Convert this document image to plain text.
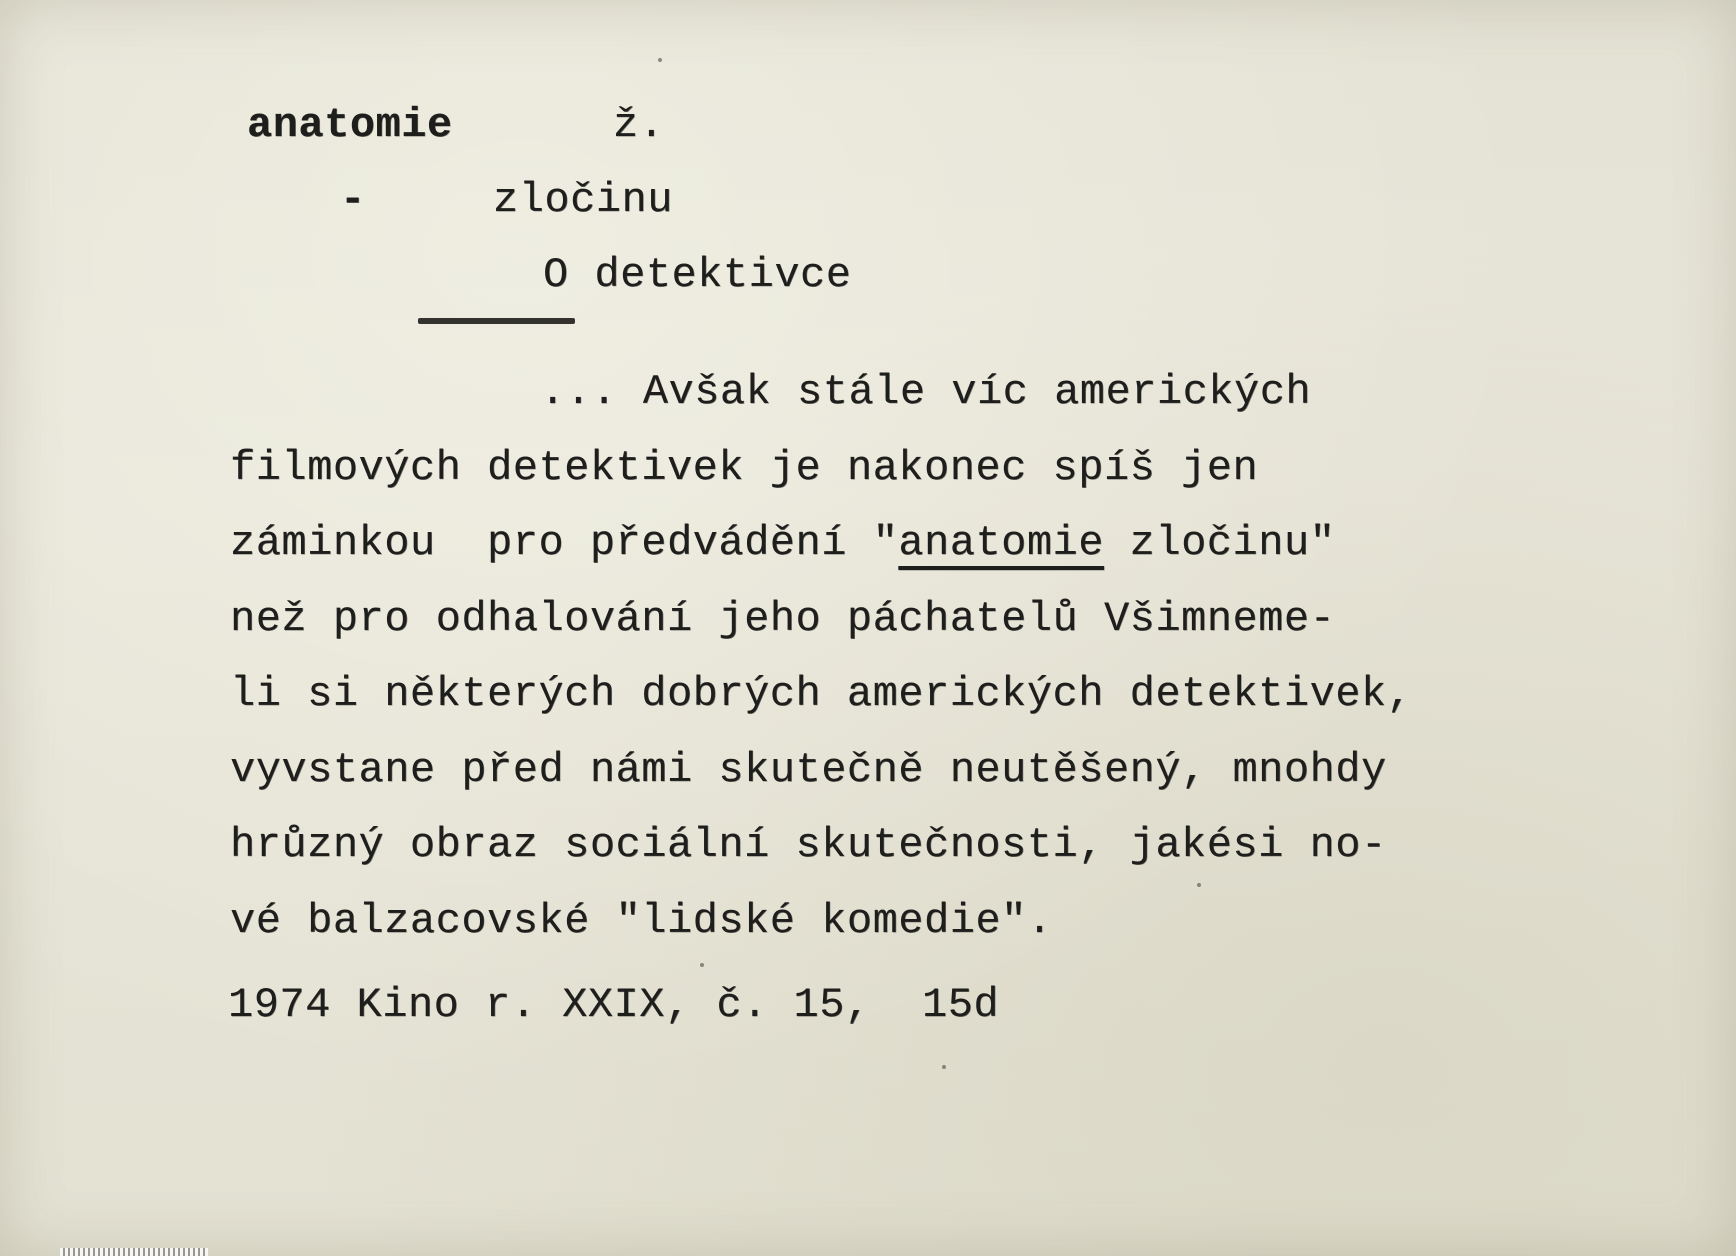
anatomie	ž.
-	zločinu
O detektivce
... Avšak stále víc amerických
filmových detektivek je nakonec spíš jen
záminkou  pro předvádění "anatomie zločinu"
než pro odhalování jeho páchatelů Všimneme-
li si některých dobrých amerických detektivek,
vyvstane před námi skutečně neutěšený, mnohdy
hrůzný obraz sociální skutečnosti, jakési no-
vé balzacovské "lidské komedie".
1974 Kino r. XXIX, č. 15,  15d
